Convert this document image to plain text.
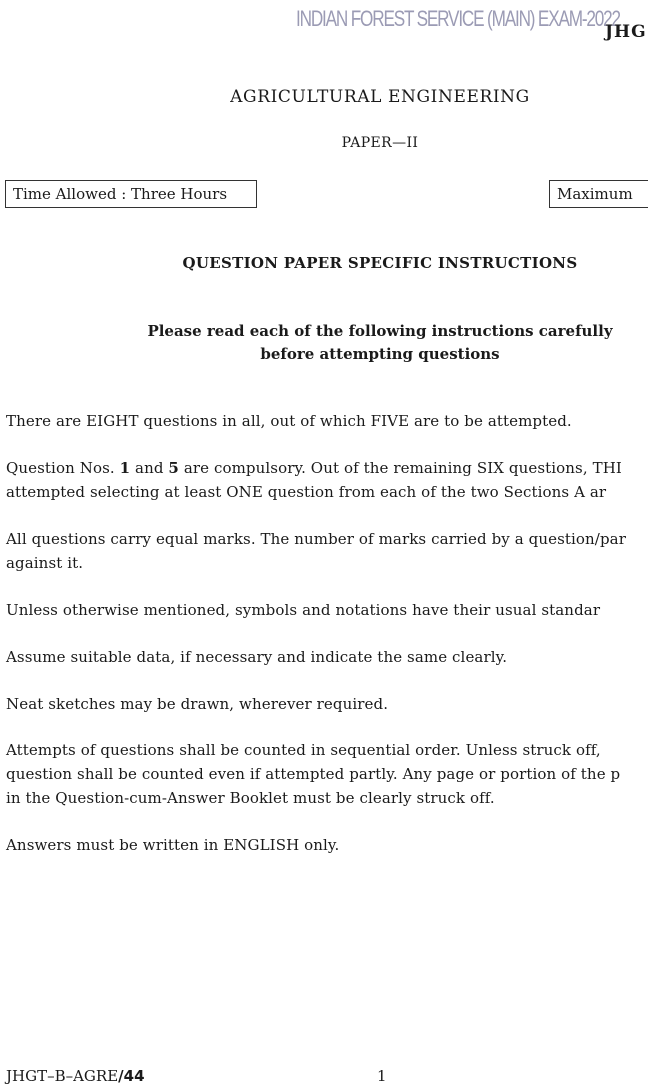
INDIAN FOREST SERVICE (MAIN) EXAM-2022
JHG
AGRICULTURAL ENGINEERING
PAPER—II
Time Allowed : Three Hours	Maximum
QUESTION PAPER SPECIFIC INSTRUCTIONS
Please read each of the following instructions carefully
before attempting questions
There are EIGHT questions in all, out of which FIVE are to be attempted.
Question Nos. 1 and 5 are compulsory. Out of the remaining SIX questions, THI
attempted selecting at least ONE question from each of the two Sections A ar
All questions carry equal marks. The number of marks carried by a question/par
against it.
Unless otherwise mentioned, symbols and notations have their usual standar
Assume suitable data, if necessary and indicate the same clearly.
Neat sketches may be drawn, wherever required.
Attempts of questions shall be counted in sequential order. Unless struck off,
question shall be counted even if attempted partly. Any page or portion of the p
in the Question-cum-Answer Booklet must be clearly struck off.
Answers must be written in ENGLISH only.
JHGT–B–AGRE/44	1
